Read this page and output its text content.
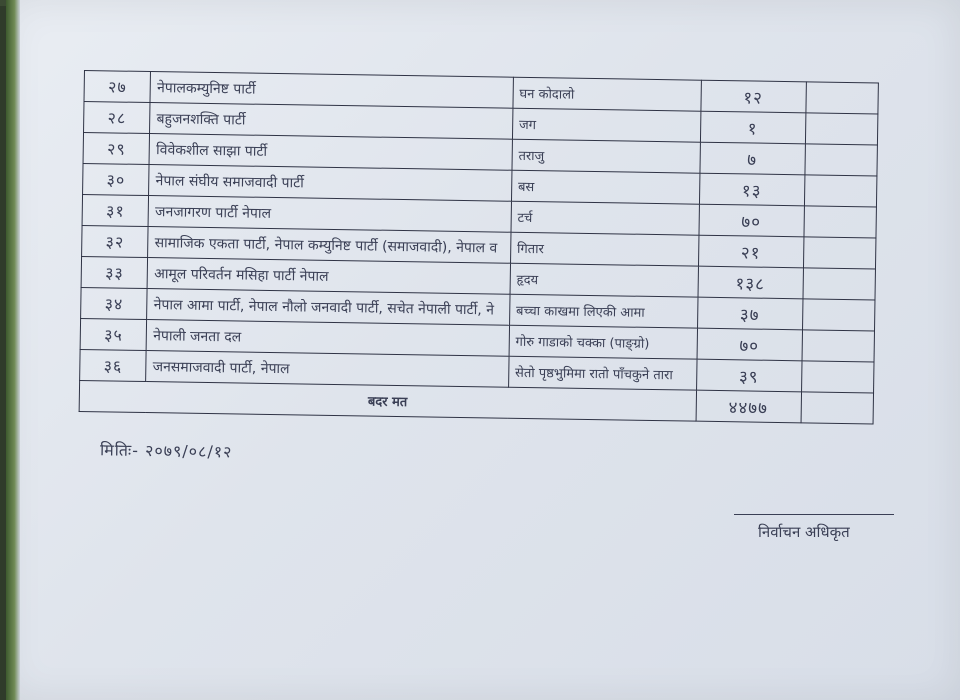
२७	नेपालकम्युनिष्ट पार्टी	घन कोदालो	१२	
२८	बहुजनशक्ति पार्टी	जग	१	
२९	विवेकशील साझा पार्टी	तराजु	७	
३०	नेपाल संघीय समाजवादी पार्टी	बस	१३	
३१	जनजागरण पार्टी नेपाल	टर्च	७०	
३२	सामाजिक एकता पार्टी, नेपाल कम्युनिष्ट पार्टी (समाजवादी), नेपाल व	गितार	२१	
३३	आमूल परिवर्तन मसिहा पार्टी नेपाल	हृदय	१३८	
३४	नेपाल आमा पार्टी, नेपाल नौलो जनवादी पार्टी, सचेत नेपाली पार्टी, ने	बच्चा काखमा लिएकी आमा	३७	
३५	नेपाली जनता दल	गोरु गाडाको चक्का (पाङ्ग्रो)	७०	
३६	जनसमाजवादी पार्टी, नेपाल	सेतो पृष्ठभुमिमा रातो पाँचकुने तारा	३९	
बदर मत			४४७७	
मितिः- २०७९/०८/१२
निर्वाचन अधिकृत
